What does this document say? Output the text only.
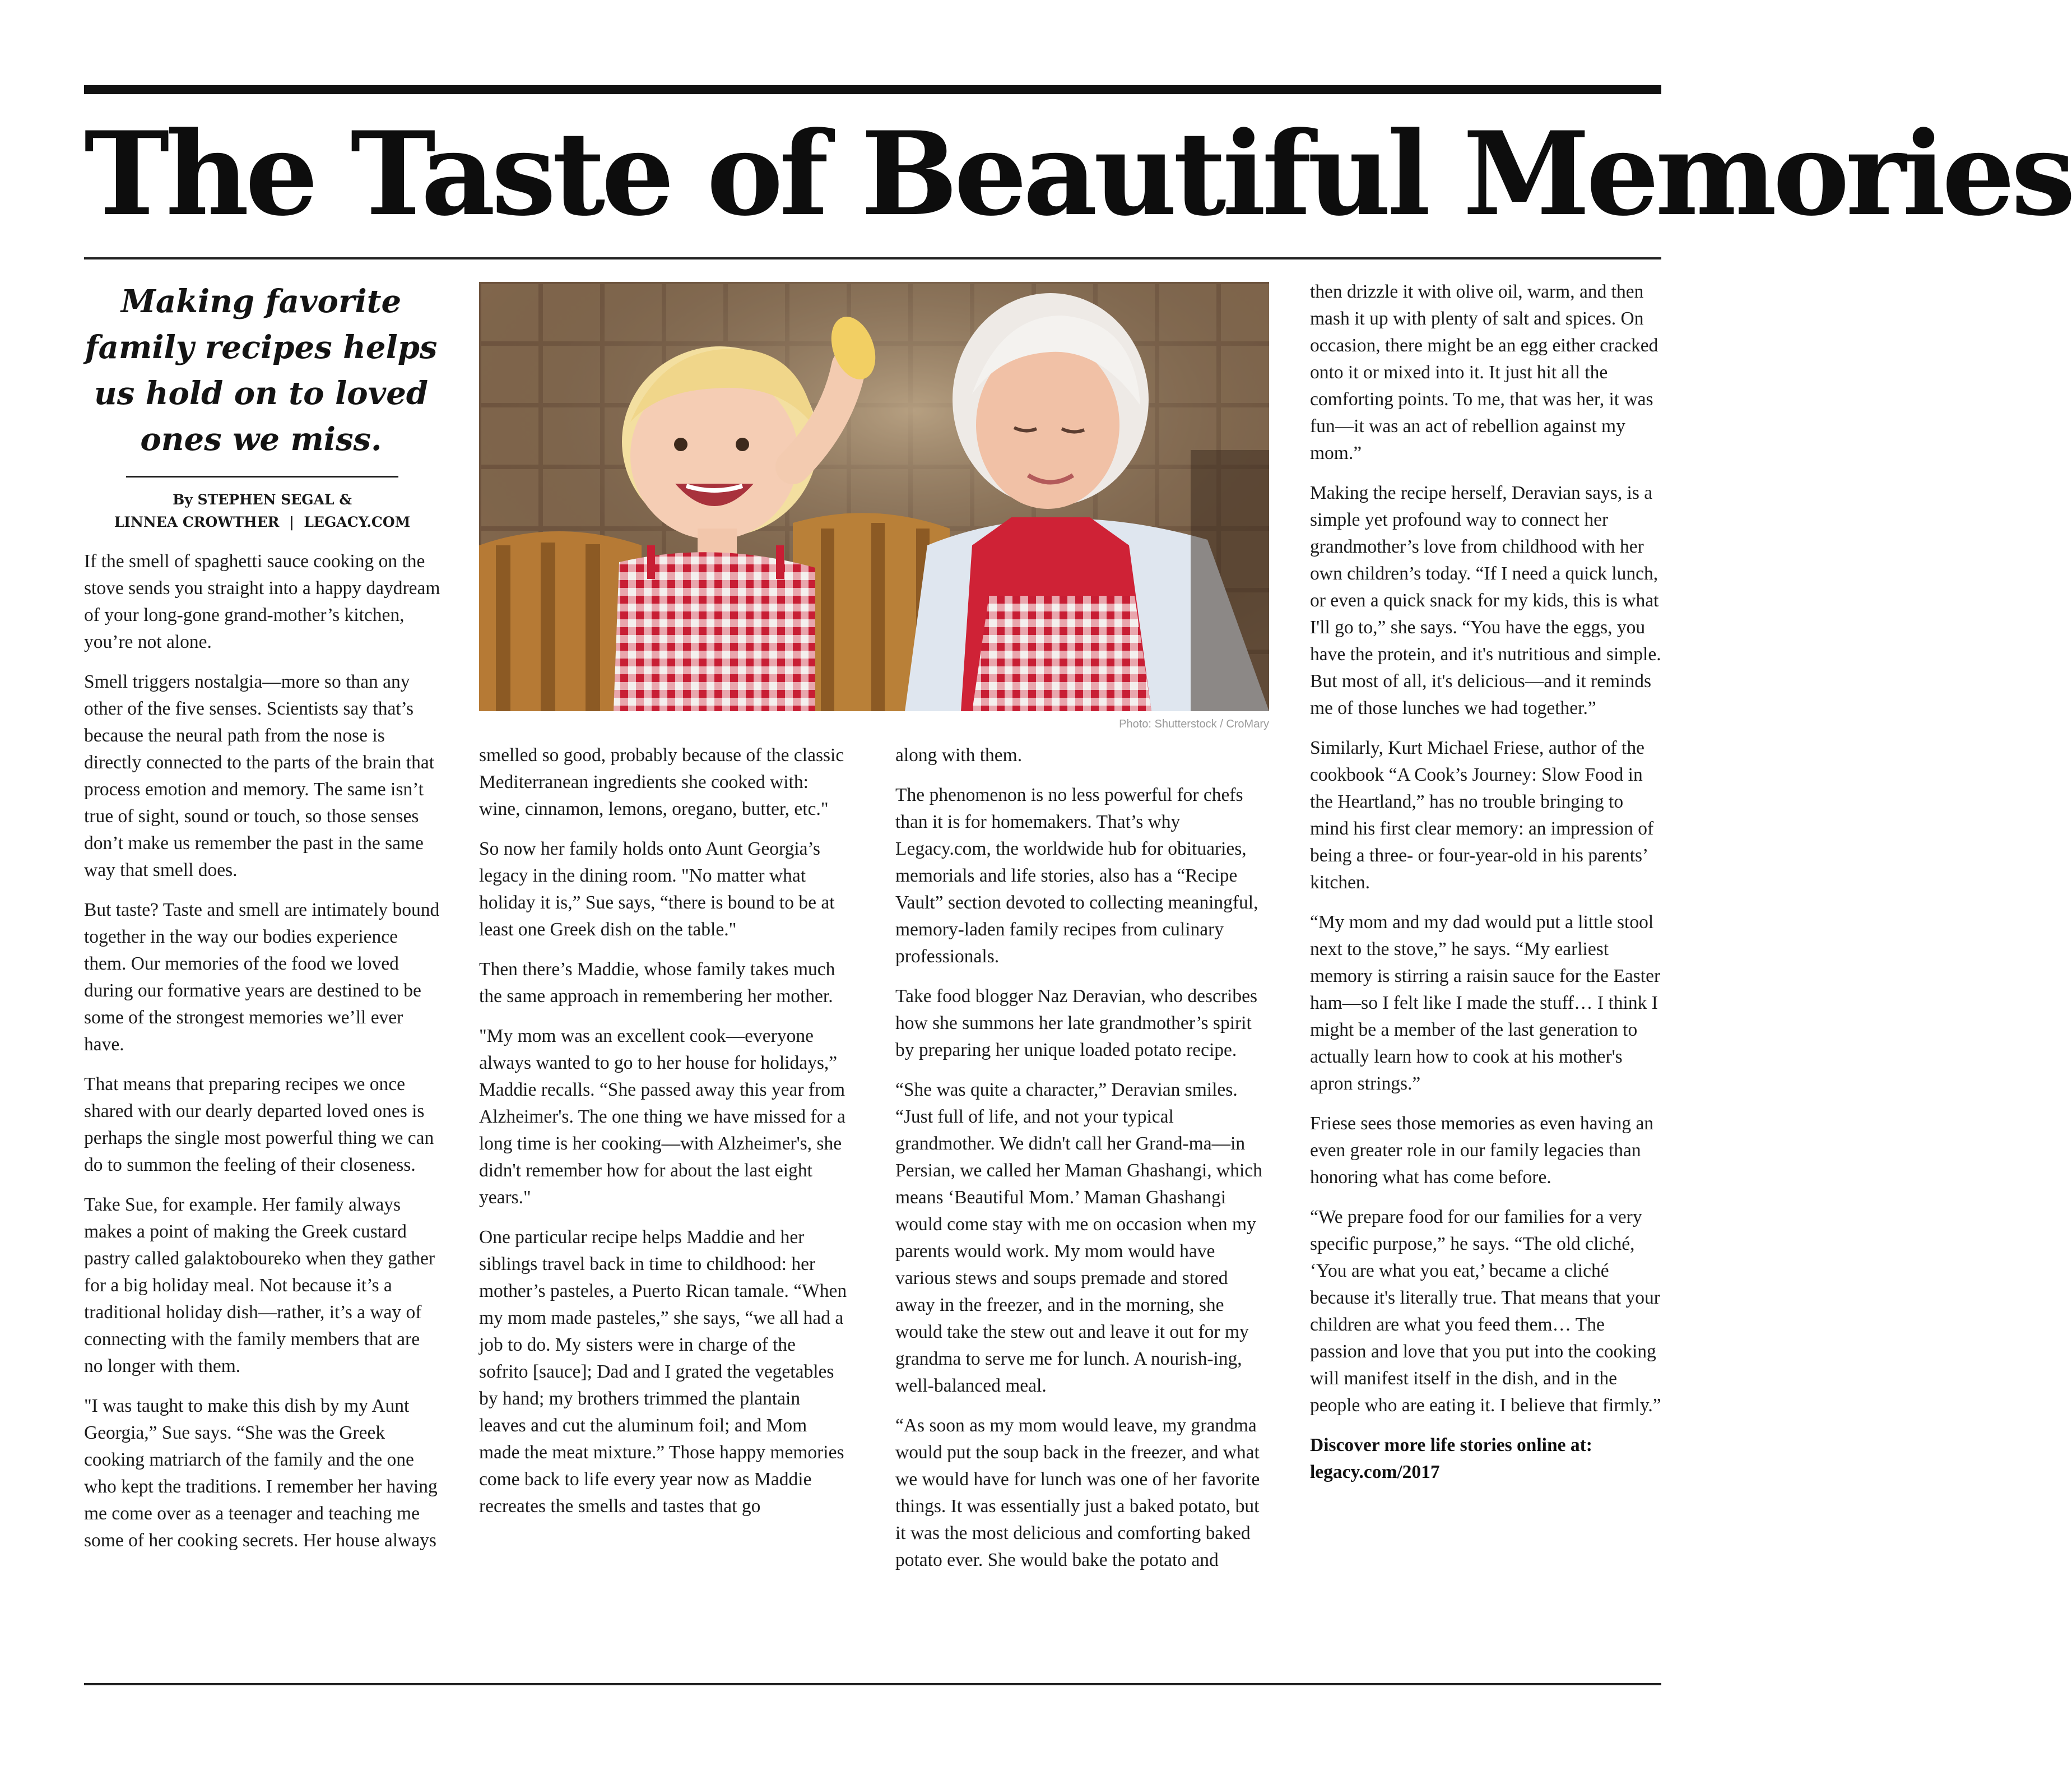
The Taste of Beautiful Memories
Making favorite family recipes helps us hold on to loved ones we miss.
By STEPHEN SEGAL &
LINNEA CROWTHER  |  LEGACY.COM
Photo: Shutterstock / CroMary

If the smell of spaghetti sauce cooking on the stove sends you straight into a happy daydream of your long-gone grand-mother’s kitchen, you’re not alone.

Smell triggers nostalgia—more so than any other of the five senses. Scientists say that’s because the neural path from the nose is directly connected to the parts of the brain that process emotion and memory. The same isn’t true of sight, sound or touch, so those senses don’t make us remember the past in the same way that smell does.

But taste? Taste and smell are intimately bound together in the way our bodies experience them. Our memories of the food we loved during our formative years are destined to be some of the strongest memories we’ll ever have.

That means that preparing recipes we once shared with our dearly departed loved ones is perhaps the single most powerful thing we can do to summon the feeling of their closeness.

Take Sue, for example. Her family always makes a point of making the Greek custard pastry called galaktoboureko when they gather for a big holiday meal. Not because it’s a traditional holiday dish—rather, it’s a way of connecting with the family members that are no longer with them.

"I was taught to make this dish by my Aunt Georgia,” Sue says. “She was the Greek cooking matriarch of the family and the one who kept the traditions. I remember her having me come over as a teenager and teaching me some of her cooking secrets. Her house always

smelled so good, probably because of the classic Mediterranean ingredients she cooked with: wine, cinnamon, lemons, oregano, butter, etc."

So now her family holds onto Aunt Georgia’s legacy in the dining room. "No matter what holiday it is,” Sue says, “there is bound to be at least one Greek dish on the table."

Then there’s Maddie, whose family takes much the same approach in remembering her mother.

"My mom was an excellent cook—everyone always wanted to go to her house for holidays,” Maddie recalls. “She passed away this year from Alzheimer's. The one thing we have missed for a long time is her cooking—with Alzheimer's, she didn't remember how for about the last eight years."

One particular recipe helps Maddie and her siblings travel back in time to childhood: her mother’s pasteles, a Puerto Rican tamale. “When my mom made pasteles,” she says, “we all had a job to do. My sisters were in charge of the sofrito [sauce]; Dad and I grated the vegetables by hand; my brothers trimmed the plantain leaves and cut the aluminum foil; and Mom made the meat mixture.” Those happy memories come back to life every year now as Maddie recreates the smells and tastes that go

along with them.

The phenomenon is no less powerful for chefs than it is for homemakers. That’s why Legacy.com, the worldwide hub for obituaries, memorials and life stories, also has a “Recipe Vault” section devoted to collecting meaningful, memory-laden family recipes from culinary professionals.

Take food blogger Naz Deravian, who describes how she summons her late grandmother’s spirit by preparing her unique loaded potato recipe.

“She was quite a character,” Deravian smiles. “Just full of life, and not your typical grandmother. We didn't call her Grand-ma—in Persian, we called her Maman Ghashangi, which means ‘Beautiful Mom.’ Maman Ghashangi would come stay with me on occasion when my parents would work. My mom would have various stews and soups premade and stored away in the freezer, and in the morning, she would take the stew out and leave it out for my grandma to serve me for lunch. A nourish-ing, well-balanced meal.

“As soon as my mom would leave, my grandma would put the soup back in the freezer, and what we would have for lunch was one of her favorite things. It was essentially just a baked potato, but it was the most delicious and comforting baked potato ever. She would bake the potato and

then drizzle it with olive oil, warm, and then mash it up with plenty of salt and spices. On occasion, there might be an egg either cracked onto it or mixed into it. It just hit all the comforting points. To me, that was her, it was fun—it was an act of rebellion against my mom.”

Making the recipe herself, Deravian says, is a simple yet profound way to connect her grandmother’s love from childhood with her own children’s today. “If I need a quick lunch, or even a quick snack for my kids, this is what I'll go to,” she says. “You have the eggs, you have the protein, and it's nutritious and simple. But most of all, it's delicious—and it reminds me of those lunches we had together.”

Similarly, Kurt Michael Friese, author of the cookbook “A Cook’s Journey: Slow Food in the Heartland,” has no trouble bringing to mind his first clear memory: an impression of being a three- or four-year-old in his parents’ kitchen.

“My mom and my dad would put a little stool next to the stove,” he says. “My earliest memory is stirring a raisin sauce for the Easter ham—so I felt like I made the stuff… I think I might be a member of the last generation to actually learn how to cook at his mother's apron strings.”

Friese sees those memories as even having an even greater role in our family legacies than honoring what has come before.

“We prepare food for our families for a very specific purpose,” he says. “The old cliché, ‘You are what you eat,’ became a cliché because it's literally true. That means that your children are what you feed them… The passion and love that you put into the cooking will manifest itself in the dish, and in the people who are eating it. I believe that firmly.”

Discover more life stories online at: legacy.com/2017
